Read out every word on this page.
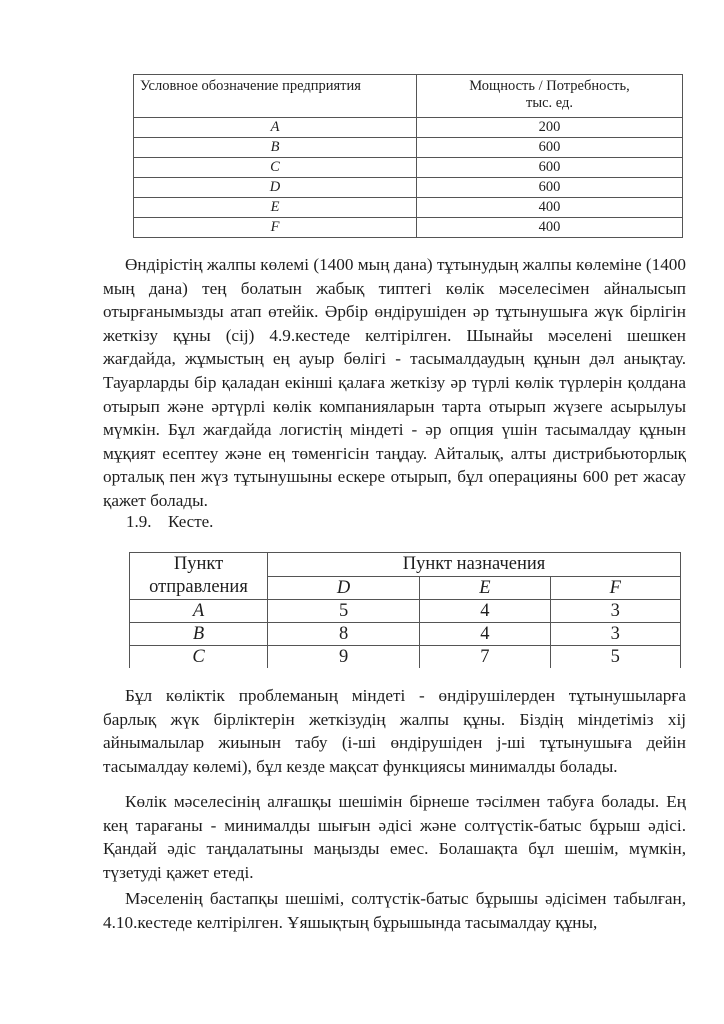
Условное обозначение предприятия	Мощность / Потребность,
тыс. ед.
A	200
B	600
C	600
D	600
E	400
F	400

Өндірістің жалпы көлемі (1400 мың дана) тұтынудың жалпы көлеміне (1400 мың дана) тең болатын жабық типтегі көлік мәселесімен айналысып отырғанымызды атап өтейік. Әрбір өндірушіден әр тұтынушыға жүк бірлігін жеткізу құны (cij) 4.9.кестеде келтірілген. Шынайы мәселені шешкен жағдайда, жұмыстың ең ауыр бөлігі - тасымалдаудың құнын дәл анықтау. Тауарларды бір қаладан екінші қалаға жеткізу әр түрлі көлік түрлерін қолдана отырып және әртүрлі көлік компанияларын тарта отырып жүзеге асырылуы мүмкін. Бұл жағдайда логистің міндеті - әр опция үшін тасымалдау құнын мұқият есептеу және ең төменгісін таңдау. Айталық, алты дистрибьюторлық орталық пен жүз тұтынушыны ескере отырып, бұл операцияны 600 рет жасау қажет болады.

1.9. Кесте.
Пункт
отправления	Пункт назначения		
	D	E	F
A	5	4	3
B	8	4	3
C	9	7	5

Бұл көліктік проблеманың міндеті - өндірушілерден тұтынушыларға барлық жүк бірліктерін жеткізудің жалпы құны. Біздің міндетіміз xij айнымалылар жиынын табу (i-ші өндірушіден j-ші тұтынушыға дейін тасымалдау көлемі), бұл кезде мақсат функциясы минималды болады.

Көлік мәселесінің алғашқы шешімін бірнеше тәсілмен табуға болады. Ең кең тарағаны - минималды шығын әдісі және солтүстік-батыс бұрыш әдісі. Қандай әдіс таңдалатыны маңызды емес. Болашақта бұл шешім, мүмкін, түзетуді қажет етеді.

Мәселенің бастапқы шешімі, солтүстік-батыс бұрышы әдісімен табылған, 4.10.кестеде келтірілген. Ұяшықтың бұрышында тасымалдау құны,
